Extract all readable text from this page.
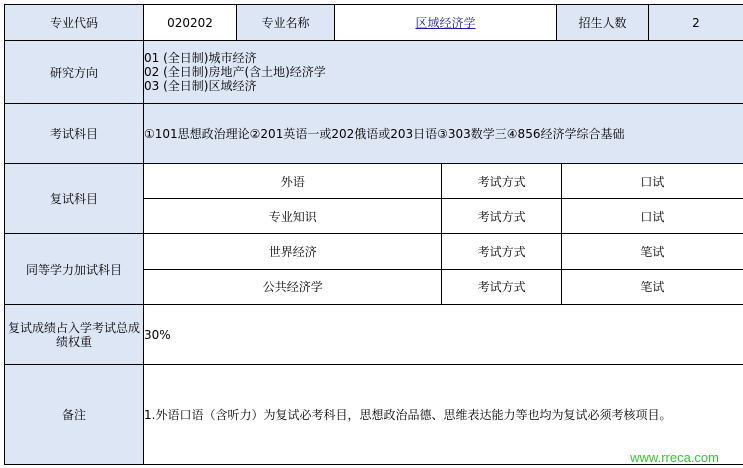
专业代码	020202	专业名称	区域经济学	招生人数	2
研究方向	
01 (全日制)城市经济
02 (全日制)房地产(含土地)经济学
03 (全日制)区域经济

考试科目	①101思想政治理论②201英语一或202俄语或203日语③303数学三④856经济学综合基础
复试科目	
外语	考试方式	口试
专业知识	考试方式	口试

同等学力加试科目	
世界经济	考试方式	笔试
公共经济学	考试方式	笔试

复试成绩占入学考试总成绩权重	30%
备注	1.外语口语（含听力）为复试必考科目，思想政治品德、思维表达能力等也均为复试必须考核项目。
www.rreca.com
